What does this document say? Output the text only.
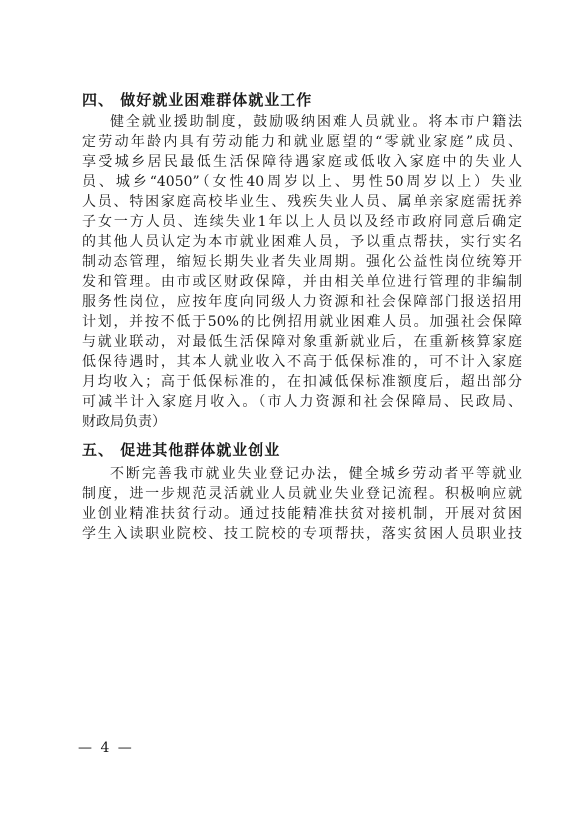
四、 做好就业困难群体就业工作
健全就业援助制度，鼓励吸纳困难人员就业。将本市户籍法
定劳动年龄内具有劳动能力和就业愿望的“零就业家庭”成员、
享受城乡居民最低生活保障待遇家庭或低收入家庭中的失业人
员、城乡“4050”（女性40周岁以上、男性50周岁以上）失业
人员、特困家庭高校毕业生、残疾失业人员、属单亲家庭需抚养
子女一方人员、连续失业1年以上人员以及经市政府同意后确定
的其他人员认定为本市就业困难人员，予以重点帮扶，实行实名
制动态管理，缩短长期失业者失业周期。强化公益性岗位统筹开
发和管理。由市或区财政保障，并由相关单位进行管理的非编制
服务性岗位，应按年度向同级人力资源和社会保障部门报送招用
计划，并按不低于50%的比例招用就业困难人员。加强社会保障
与就业联动，对最低生活保障对象重新就业后，在重新核算家庭
低保待遇时，其本人就业收入不高于低保标准的，可不计入家庭
月均收入；高于低保标准的，在扣减低保标准额度后，超出部分
可减半计入家庭月收入。（市人力资源和社会保障局、民政局、
财政局负责）
五、 促进其他群体就业创业
不断完善我市就业失业登记办法，健全城乡劳动者平等就业
制度，进一步规范灵活就业人员就业失业登记流程。积极响应就
业创业精准扶贫行动。通过技能精准扶贫对接机制，开展对贫困
学生入读职业院校、技工院校的专项帮扶，落实贫困人员职业技
— 4 —
